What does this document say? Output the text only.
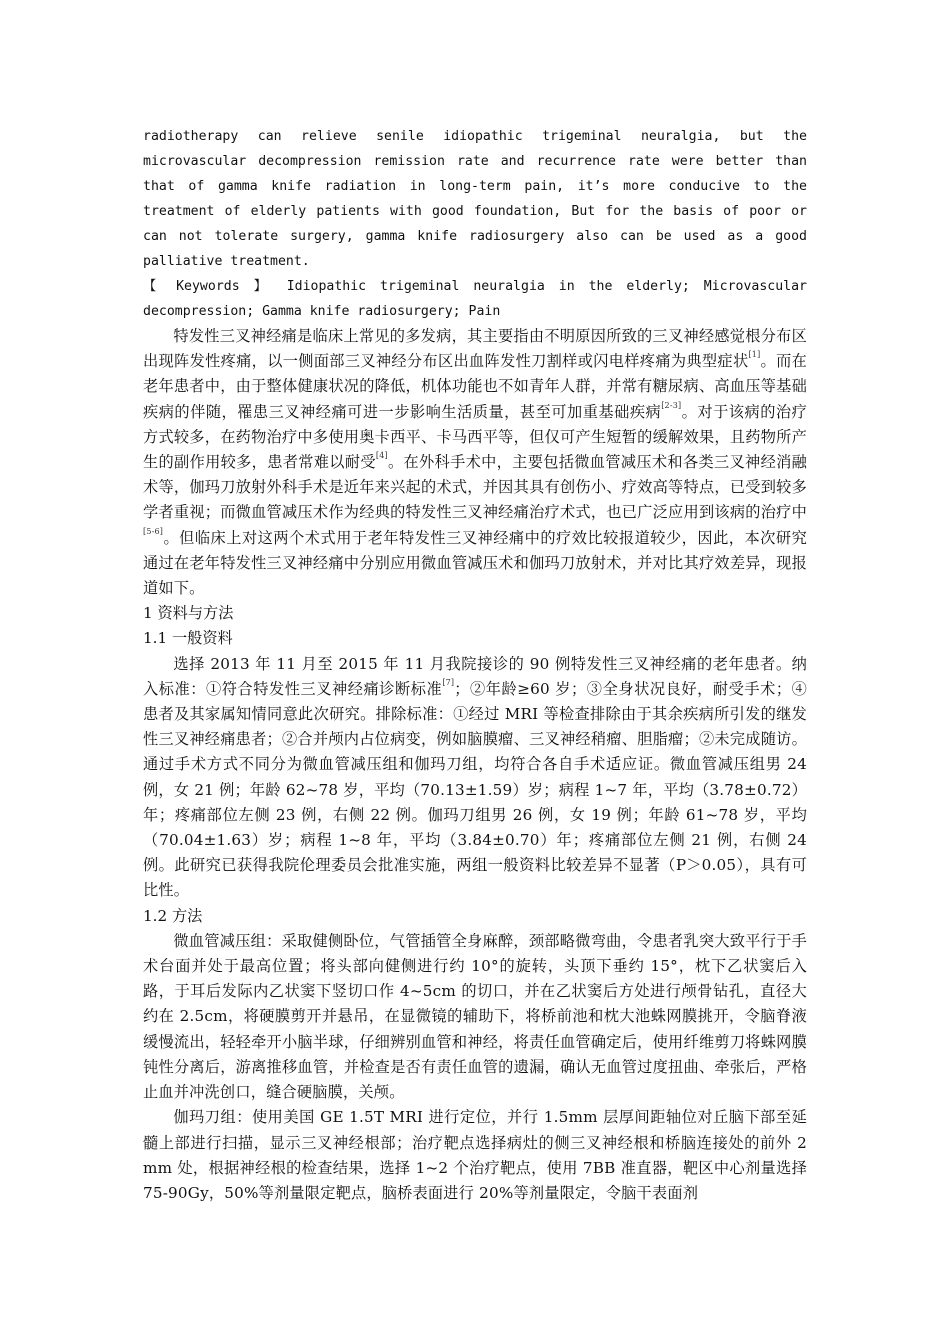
radiotherapy can relieve senile idiopathic trigeminal neuralgia, but the microvascular decompression remission rate and recurrence rate were better than that of gamma knife radiation in long-term pain, it’s more conducive to the treatment of elderly patients with good foundation, But for the basis of poor or can not tolerate surgery, gamma knife radiosurgery also can be used as a good palliative treatment.
【 Keywords 】 Idiopathic trigeminal neuralgia in the elderly; Microvascular decompression; Gamma knife radiosurgery; Pain

特发性三叉神经痛是临床上常见的多发病，其主要指由不明原因所致的三叉神经感觉根分布区出现阵发性疼痛，以一侧面部三叉神经分布区出血阵发性刀割样或闪电样疼痛为典型症状[1]。而在老年患者中，由于整体健康状况的降低，机体功能也不如青年人群，并常有糖尿病、高血压等基础疾病的伴随，罹患三叉神经痛可进一步影响生活质量，甚至可加重基础疾病[2-3]。对于该病的治疗方式较多，在药物治疗中多使用奥卡西平、卡马西平等，但仅可产生短暂的缓解效果，且药物所产生的副作用较多，患者常难以耐受[4]。在外科手术中，主要包括微血管减压术和各类三叉神经消融术等，伽玛刀放射外科手术是近年来兴起的术式，并因其具有创伤小、疗效高等特点，已受到较多学者重视；而微血管减压术作为经典的特发性三叉神经痛治疗术式，也已广泛应用到该病的治疗中[5-6]。但临床上对这两个术式用于老年特发性三叉神经痛中的疗效比较报道较少，因此，本次研究通过在老年特发性三叉神经痛中分别应用微血管减压术和伽玛刀放射术，并对比其疗效差异，现报道如下。

1 资料与方法

1.1 一般资料

选择 2013 年 11 月至 2015 年 11 月我院接诊的 90 例特发性三叉神经痛的老年患者。纳入标准：①符合特发性三叉神经痛诊断标准[7]；②年龄≥60 岁；③全身状况良好，耐受手术；④患者及其家属知情同意此次研究。排除标准：①经过 MRI 等检查排除由于其余疾病所引发的继发性三叉神经痛患者；②合并颅内占位病变，例如脑膜瘤、三叉神经稍瘤、胆脂瘤；②未完成随访。通过手术方式不同分为微血管减压组和伽玛刀组，均符合各自手术适应证。微血管减压组男 24 例，女 21 例；年龄 62~78 岁，平均（70.13±1.59）岁；病程 1~7 年，平均（3.78±0.72）年；疼痛部位左侧 23 例，右侧 22 例。伽玛刀组男 26 例，女 19 例；年龄 61~78 岁，平均（70.04±1.63）岁；病程 1~8 年，平均（3.84±0.70）年；疼痛部位左侧 21 例，右侧 24 例。此研究已获得我院伦理委员会批准实施，两组一般资料比较差异不显著（P＞0.05），具有可比性。

1.2 方法

微血管减压组：采取健侧卧位，气管插管全身麻醉，颈部略微弯曲，令患者乳突大致平行于手术台面并处于最高位置；将头部向健侧进行约 10°的旋转，头顶下垂约 15°，枕下乙状窦后入路，于耳后发际内乙状窦下竖切口作 4~5cm 的切口，并在乙状窦后方处进行颅骨钻孔，直径大约在 2.5cm，将硬膜剪开并悬吊，在显微镜的辅助下，将桥前池和枕大池蛛网膜挑开，令脑脊液缓慢流出，轻轻牵开小脑半球，仔细辨别血管和神经，将责任血管确定后，使用纤维剪刀将蛛网膜钝性分离后，游离推移血管，并检查是否有责任血管的遗漏，确认无血管过度扭曲、牵张后，严格止血并冲洗创口，缝合硬脑膜，关颅。

伽玛刀组：使用美国 GE 1.5T MRI 进行定位，并行 1.5mm 层厚间距轴位对丘脑下部至延髓上部进行扫描，显示三叉神经根部；治疗靶点选择病灶的侧三叉神经根和桥脑连接处的前外 2 mm 处，根据神经根的检查结果，选择 1~2 个治疗靶点，使用 7BB 准直器，靶区中心剂量选择 75-90Gy，50%等剂量限定靶点，脑桥表面进行 20%等剂量限定，令脑干表面剂
